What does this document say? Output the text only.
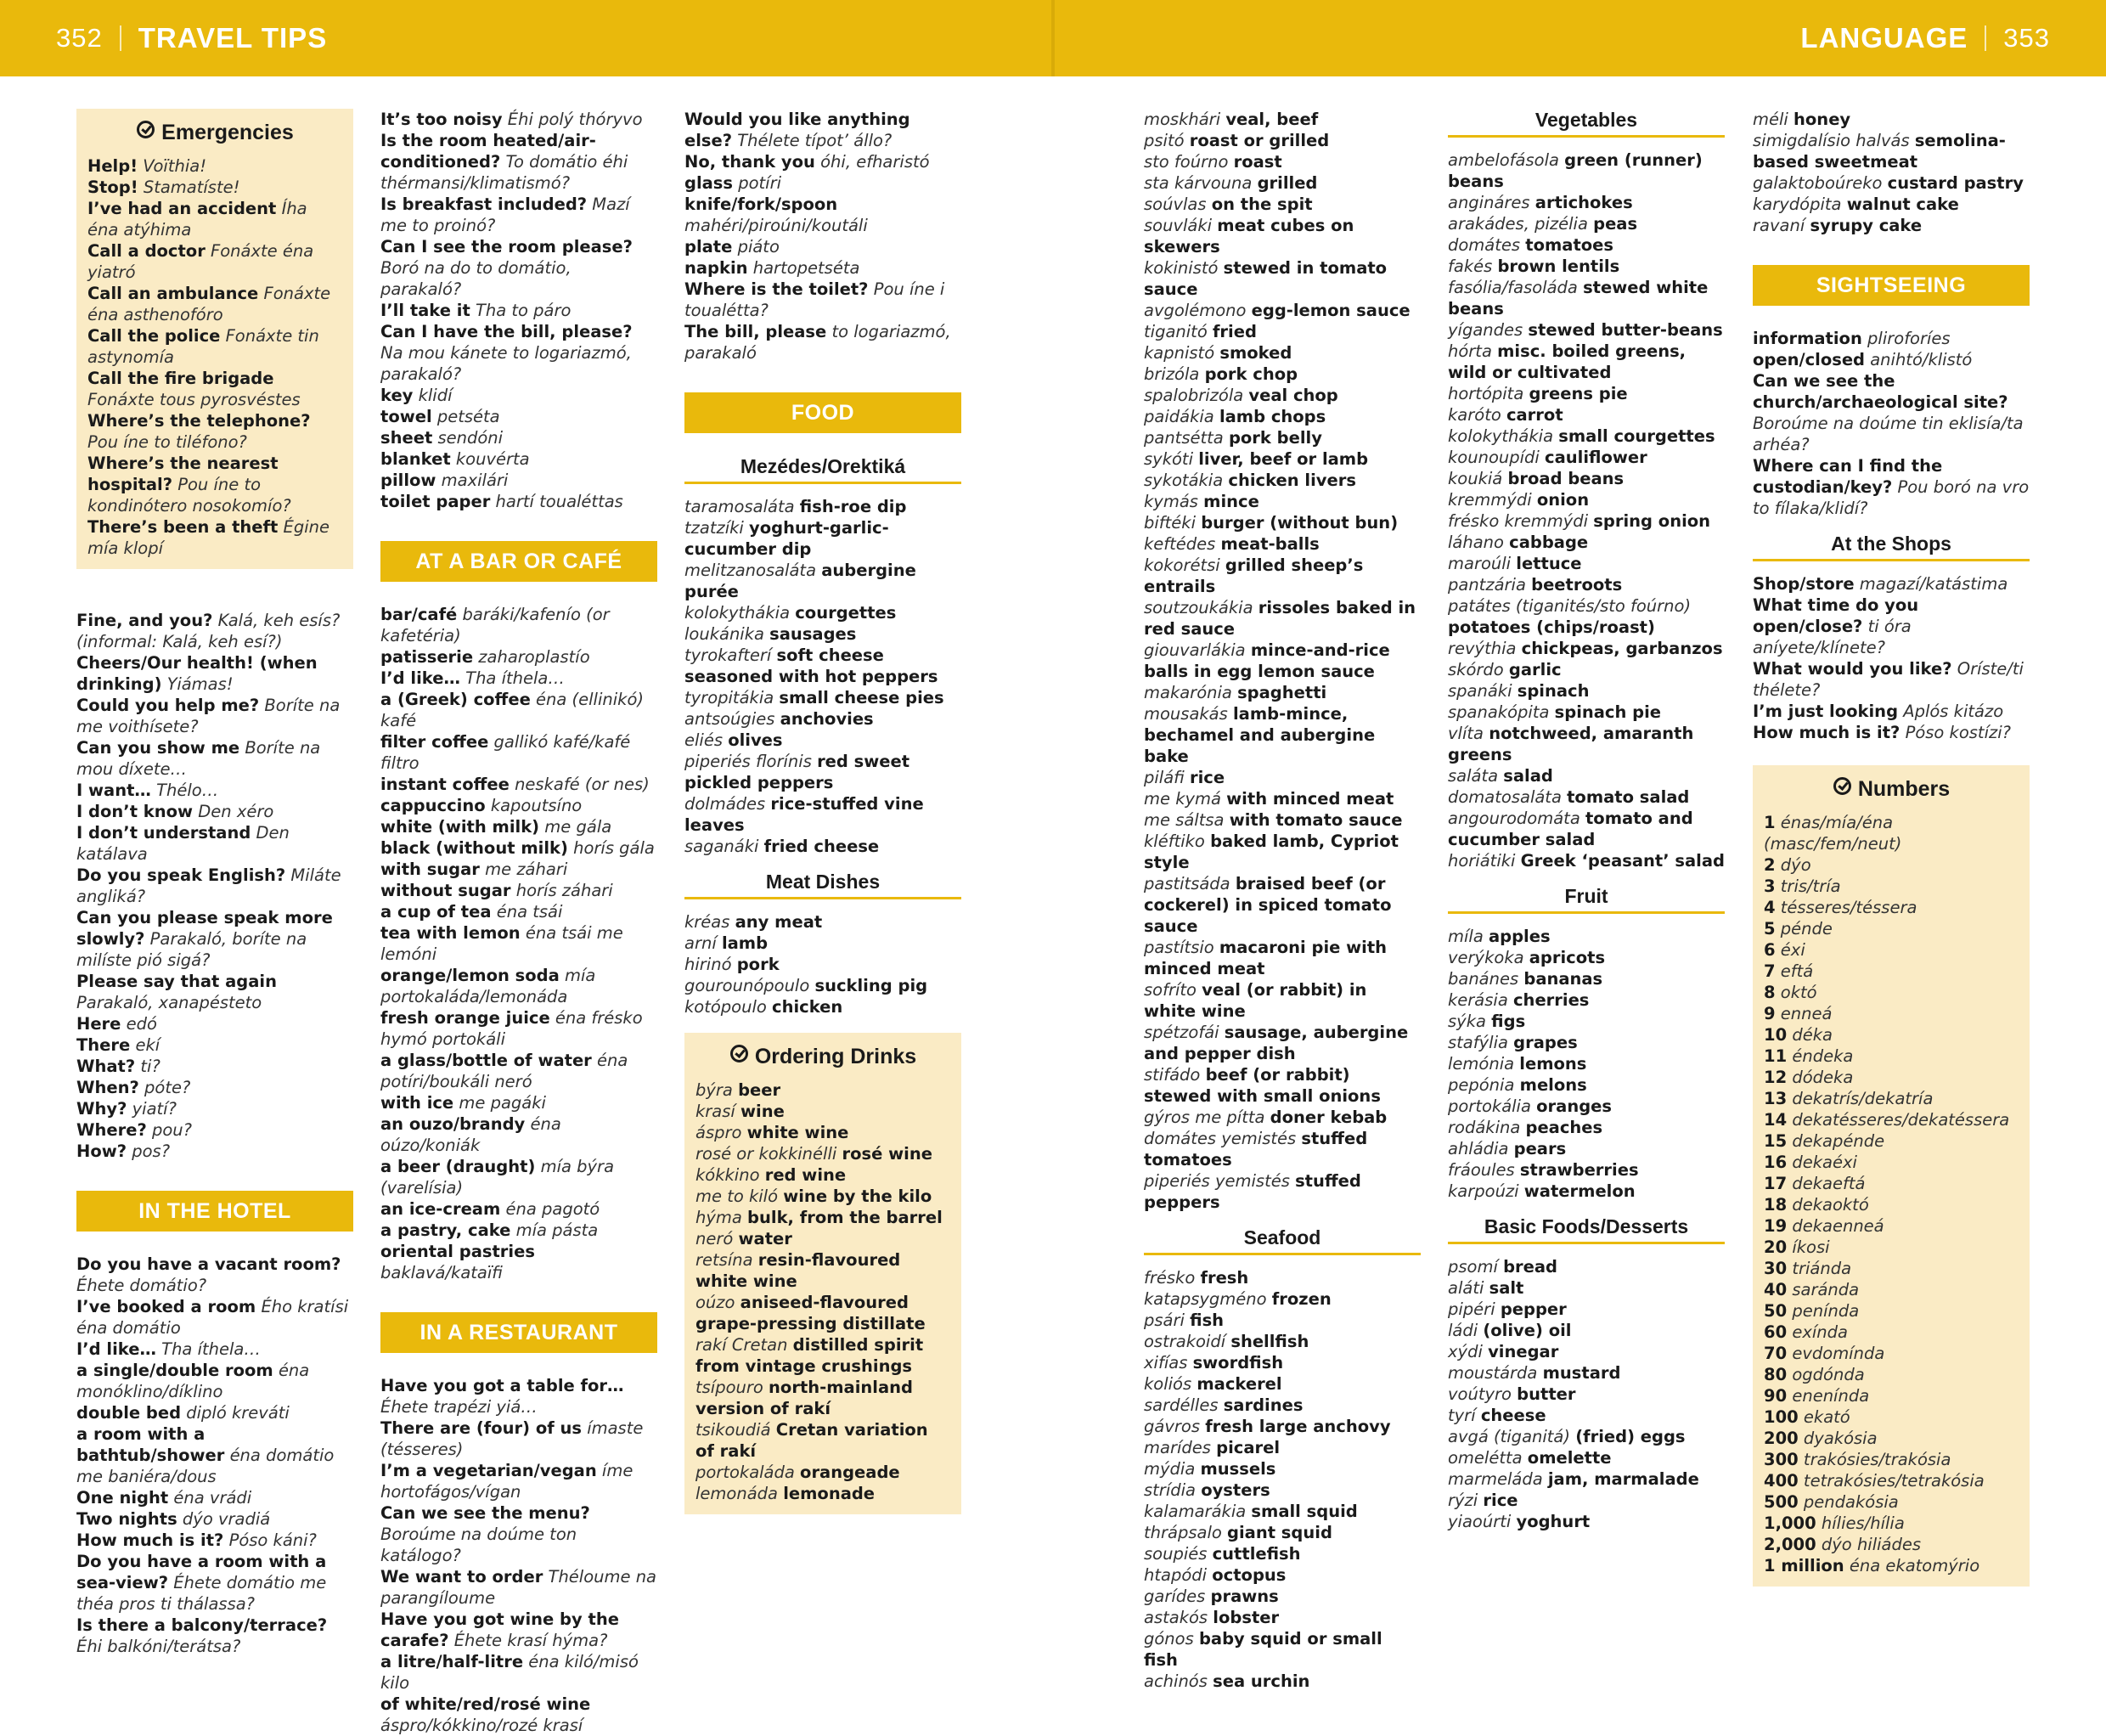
352 TRAVEL TIPS	LANGUAGE 353
Emergencies
Help! Voïthia!
Stop! Stamatíste!
I’ve had an accident Íha éna atýhima
Call a doctor Fonáxte éna yiatró
Call an ambulance Fonáxte éna asthenofóro
Call the police Fonáxte tin astynomía
Call the fire brigade Fonáxte tous pyrosvéstes
Where’s the telephone? Pou íne to tiléfono?
Where’s the nearest hospital? Pou íne to kondinótero nosokomío?
There’s been a theft Égine mía klopí
Fine, and you? Kalá, keh esís? (informal: Kalá, keh esí?)
Cheers/Our health! (when drinking) Yiámas!
Could you help me? Boríte na me voithísete?
Can you show me Boríte na mou díxete…
I want… Thélo…
I don’t know Den xéro
I don’t understand Den katálava
Do you speak English? Miláte angliká?
Can you please speak more slowly? Parakaló, boríte na milíste pió sigá?
Please say that again Parakaló, xanapésteto
Here edó
There ekí
What? ti?
When? póte?
Why? yiatí?
Where? pou?
How? pos?
IN THE HOTEL
Do you have a vacant room? Éhete domátio?
I’ve booked a room Ého kratísi éna domátio
I’d like… Tha íthela…
a single/double room éna monóklino/díklino
double bed dipló kreváti
a room with a bathtub/shower éna domátio me baniéra/dous
One night éna vrádi
Two nights dýo vradiá
How much is it? Póso káni?
Do you have a room with a sea-view? Éhete domátio me théa pros ti thálassa?
Is there a balcony/terrace? Éhi balkóni/terátsa?
It’s too noisy Éhi polý thóryvo
Is the room heated/air-conditioned? To domátio éhi thérmansi/klimatismó?
Is breakfast included? Mazí me to proinó?
Can I see the room please? Boró na do to domátio, parakaló?
I’ll take it Tha to páro
Can I have the bill, please? Na mou kánete to logariazmó, parakaló?
key klidí
towel petséta
sheet sendóni
blanket kouvérta
pillow maxilári
toilet paper hartí toualéttas
AT A BAR OR CAFÉ
bar/café baráki/kafenío (or kafetéria)
patisserie zaharoplastío
I’d like… Tha íthela…
a (Greek) coffee éna (ellinikó) kafé
filter coffee gallikó kafé/kafé filtro
instant coffee neskafé (or nes)
cappuccino kapoutsíno
white (with milk) me gála
black (without milk) horís gála
with sugar me záhari
without sugar horís záhari
a cup of tea éna tsái
tea with lemon éna tsái me lemóni
orange/lemon soda mía portokaláda/lemonáda
fresh orange juice éna frésko hymó portokáli
a glass/bottle of water éna potíri/boukáli neró
with ice me pagáki
an ouzo/brandy éna oúzo/koniák
a beer (draught) mía býra (varelísia)
an ice-cream éna pagotó
a pastry, cake mía pásta
oriental pastries baklavá/kataïfi
IN A RESTAURANT
Have you got a table for… Éhete trapézi yiá…
There are (four) of us ímaste (tésseres)
I’m a vegetarian/vegan íme hortofágos/vígan
Can we see the menu? Boroúme na doúme ton katálogo?
We want to order Théloume na parangíloume
Have you got wine by the carafe? Éhete krasí hýma?
a litre/half-litre éna kiló/misó kilo
of white/red/rosé wine áspro/kókkino/rozé krasí
Would you like anything else? Thélete típot’ állo?
No, thank you óhi, efharistó
glass potíri
knife/fork/spoon mahéri/piroúni/koutáli
plate piáto
napkin hartopetséta
Where is the toilet? Pou íne i toualétta?
The bill, please to logariazmó, parakaló
FOOD
Mezédes/Orektiká
taramosaláta fish-roe dip
tzatzíki yoghurt-garlic-cucumber dip
melitzanosaláta aubergine purée
kolokythákia courgettes
loukánika sausages
tyrokafterí soft cheese seasoned with hot peppers
tyropitákia small cheese pies
antsoúgies anchovies
eliés olives
piperiés florínis red sweet pickled peppers
dolmádes rice-stuffed vine leaves
saganáki fried cheese
Meat Dishes
kréas any meat
arní lamb
hirinó pork
gourounópoulo suckling pig
kotópoulo chicken
Ordering Drinks
býra beer
krasí wine
áspro white wine
rosé or kokkinélli rosé wine
kókkino red wine
me to kiló wine by the kilo
hýma bulk, from the barrel
neró water
retsína resin-flavoured white wine
oúzo aniseed-flavoured grape-pressing distillate
rakí Cretan distilled spirit from vintage crushings
tsípouro north-mainland version of rakí
tsikoudiá Cretan variation of rakí
portokaláda orangeade
lemonáda lemonade
moskhári veal, beef
psitó roast or grilled
sto foúrno roast
sta kárvouna grilled
soúvlas on the spit
souvláki meat cubes on skewers
kokinistó stewed in tomato sauce
avgolémono egg-lemon sauce
tiganitó fried
kapnistó smoked
brizóla pork chop
spalobrizóla veal chop
paidákia lamb chops
pantsétta pork belly
sykóti liver, beef or lamb
sykotákia chicken livers
kymás mince
biftéki burger (without bun)
keftédes meat-balls
kokorétsi grilled sheep’s entrails
soutzoukákia rissoles baked in red sauce
giouvarlákia mince-and-rice balls in egg lemon sauce
makarónia spaghetti
mousakás lamb-mince, bechamel and aubergine bake
piláfi rice
me kymá with minced meat
me sáltsa with tomato sauce
kléftiko baked lamb, Cypriot style
pastitsáda braised beef (or cockerel) in spiced tomato sauce
pastítsio macaroni pie with minced meat
sofríto veal (or rabbit) in white wine
spétzofái sausage, aubergine and pepper dish
stifádo beef (or rabbit) stewed with small onions
gýros me pítta doner kebab
domátes yemistés stuffed tomatoes
piperiés yemistés stuffed peppers
Seafood
frésko fresh
katapsygméno frozen
psári fish
ostrakoidí shellfish
xifías swordfish
koliós mackerel
sardélles sardines
gávros fresh large anchovy
marídes picarel
mýdia mussels
strídia oysters
kalamarákia small squid
thrápsalo giant squid
soupiés cuttlefish
htapódi octopus
garídes prawns
astakós lobster
gónos baby squid or small fish
achinós sea urchin
Vegetables
ambelofásola green (runner) beans
angináres artichokes
arakádes, pizélia peas
domátes tomatoes
fakés brown lentils
fasólia/fasoláda stewed white beans
yígandes stewed butter-beans
hórta misc. boiled greens, wild or cultivated
hortópita greens pie
karóto carrot
kolokythákia small courgettes
kounoupídi cauliflower
koukiá broad beans
kremmýdi onion
frésko kremmýdi spring onion
láhano cabbage
maroúli lettuce
pantzária beetroots
patátes (tiganités/sto foúrno) potatoes (chips/roast)
revýthia chickpeas, garbanzos
skórdo garlic
spanáki spinach
spanakópita spinach pie
vlíta notchweed, amaranth greens
saláta salad
domatosaláta tomato salad
angourodomáta tomato and cucumber salad
horiátiki Greek ‘peasant’ salad
Fruit
míla apples
verýkoka apricots
banánes bananas
kerásia cherries
sýka figs
stafýlia grapes
lemónia lemons
pepónia melons
portokália oranges
rodákina peaches
ahládia pears
fráoules strawberries
karpoúzi watermelon
Basic Foods/Desserts
psomí bread
aláti salt
pipéri pepper
ládi (olive) oil
xýdi vinegar
moustárda mustard
voútyro butter
tyrí cheese
avgá (tiganitá) (fried) eggs
omeléttа omelette
marmeláda jam, marmalade
rýzi rice
yiaoúrti yoghurt
méli honey
simigdalísio halvás semolina-based sweetmeat
galaktoboúreko custard pastry
karydópita walnut cake
ravaní syrupy cake
SIGHTSEEING
information pliroforíes
open/closed anihtó/klistó
Can we see the church/archaeological site? Boroúme na doúme tin eklisía/ta arhéa?
Where can I find the custodian/key? Pou boró na vro to fílaka/klidí?
At the Shops
Shop/store magazí/katástima
What time do you open/close? ti óra aníyete/klínete?
What would you like? Oríste/ti thélete?
I’m just looking Aplós kitázo
How much is it? Póso kostízi?
Numbers
1 énas/mía/éna (masc/fem/neut)
2 dýo
3 tris/tría
4 tésseres/téssera
5 pénde
6 éxi
7 eftá
8 októ
9 enneá
10 déka
11 éndeka
12 dódeka
13 dekatrís/dekatría
14 dekatésseres/dekatéssera
15 dekapénde
16 dekaéxi
17 dekaeftá
18 dekaoktó
19 dekaenneá
20 íkosi
30 triánda
40 saránda
50 penínda
60 exínda
70 evdomínda
80 ogdónda
90 enenínda
100 ekató
200 dyakósia
300 trakósies/trakósia
400 tetrakósies/tetrakósia
500 pendakósia
1,000 hílies/hília
2,000 dýo hiliádes
1 million éna ekatomýrio
